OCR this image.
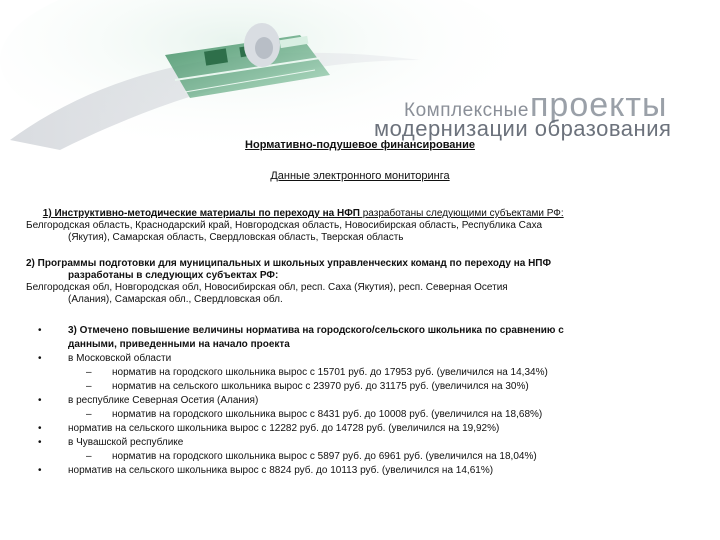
Комплексные проекты
модернизации образования
Нормативно-подушевое финансирование
Данные электронного мониторинга
1) Инструктивно-методические материалы по переходу на НФП разработаны следующими субъектами РФ:
Белгородская область, Краснодарский край, Новгородская область, Новосибирская область, Республика Саха
(Якутия), Самарская область, Свердловская область, Тверская область
2) Программы подготовки для муниципальных и школьных управленческих команд по переходу на НПФ
разработаны в следующих субъектах РФ:
Белгородская обл, Новгородская обл, Новосибирская обл, респ. Саха (Якутия), респ. Северная Осетия
(Алания), Самарская обл., Свердловская обл.
•	3) Отмечено повышение величины норматива на городского/сельского школьника по сравнению с
данными, приведенными на начало проекта
•	в Московской области
– норматив на городского школьника вырос с 15701 руб. до 17953 руб. (увеличился на 14,34%)
– норматив на сельского школьника вырос с 23970 руб. до 31175 руб. (увеличился на 30%)
•	в республике Северная Осетия (Алания)
– норматив на городского школьника вырос с 8431 руб. до 10008 руб. (увеличился на 18,68%)
•	норматив на сельского школьника вырос с 12282 руб. до 14728 руб. (увеличился на 19,92%)
•	в Чувашской республике
– норматив на городского школьника вырос с 5897 руб. до 6961 руб. (увеличился на 18,04%)
•	норматив на сельского школьника вырос с 8824 руб. до 10113 руб. (увеличился на 14,61%)
